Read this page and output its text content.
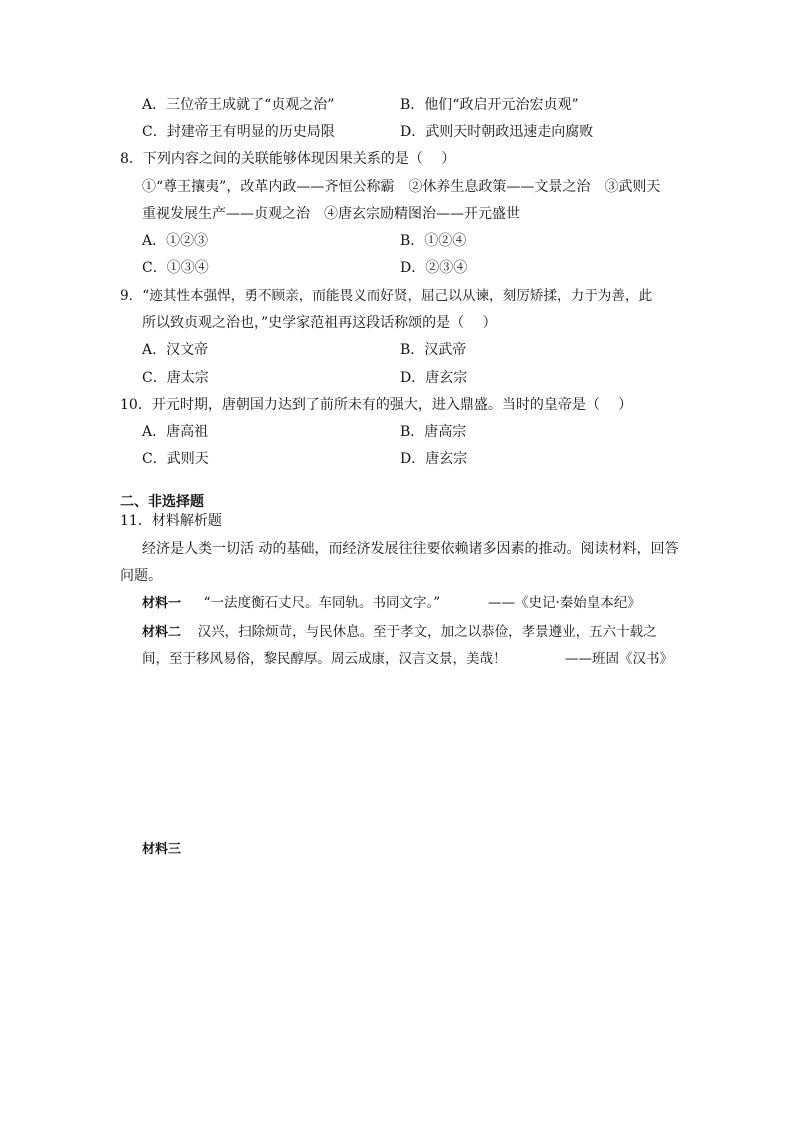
A．三位帝王成就了“贞观之治”	B．他们“政启开元治宏贞观”
C．封建帝王有明显的历史局限	D．武则天时朝政迅速走向腐败
8．下列内容之间的关联能够体现因果关系的是（　 ）
①“尊王攘夷”，改革内政——齐恒公称霸　②休养生息政策——文景之治　③武则天
重视发展生产——贞观之治　④唐玄宗励精图治——开元盛世
A．①②③	B．①②④
C．①③④	D．②③④
9．“迹其性本强悍，勇不顾亲，而能畏义而好贤，屈己以从谏，刻厉矫揉，力于为善，此
所以致贞观之治也，”史学家范祖再这段话称颂的是（　 ）
A．汉文帝	B．汉武帝
C．唐太宗	D．唐玄宗
10．开元时期，唐朝国力达到了前所未有的强大，进入鼎盛。当时的皇帝是（　 ）
A．唐高祖	B．唐高宗
C．武则天	D．唐玄宗
二、非选择题
11．材料解析题
经济是人类一切活 动的基础，而经济发展往往要依赖诸多因素的推动。阅读材料，回答
问题。
材料一 “一法度衡石丈尺。车同轨。书同文字。”	——《史记·秦始皇本纪》
材料二 汉兴，扫除烦苛，与民休息。至于孝文，加之以恭俭，孝景遵业，五六十载之
间，至于移风易俗，黎民醇厚。周云成康，汉言文景，美哉！	——班固《汉书》
材料三
